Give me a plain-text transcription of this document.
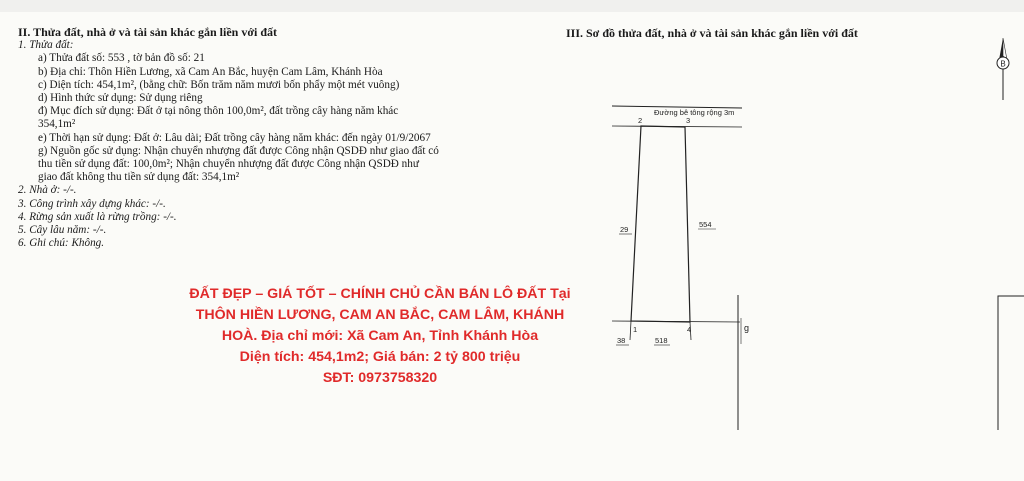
II. Thửa đất, nhà ở và tài sản khác gắn liền với đất
1. Thửa đất:
a) Thửa đất số: 553 , tờ bản đồ số: 21
b) Địa chỉ: Thôn Hiền Lương, xã Cam An Bắc, huyện Cam Lâm, Khánh Hòa
c) Diện tích: 454,1m², (bằng chữ: Bốn trăm năm mươi bốn phẩy một mét vuông)
d) Hình thức sử dụng: Sử dụng riêng
đ) Mục đích sử dụng: Đất ở tại nông thôn 100,0m², đất trồng cây hàng năm khác
354,1m²
e) Thời hạn sử dụng: Đất ở: Lâu dài; Đất trồng cây hàng năm khác: đến ngày 01/9/2067
g) Nguồn gốc sử dụng: Nhận chuyển nhượng đất được Công nhận QSDĐ như giao đất có
thu tiền sử dụng đất: 100,0m²; Nhận chuyển nhượng đất được Công nhận QSDĐ như
giao đất không thu tiền sử dụng đất: 354,1m²
2. Nhà ở: -/-.
3. Công trình xây dựng khác: -/-.
4. Rừng sản xuất là rừng trồng: -/-.
5. Cây lâu năm: -/-.
6. Ghi chú: Không.
III. Sơ đồ thửa đất, nhà ở và tài sản khác gắn liền với đất
B
Đường bê tông rộng 3m
2	3
1	4
29
554
38	518
g
ĐẤT ĐẸP – GIÁ TỐT – CHÍNH CHỦ CẦN BÁN LÔ ĐẤT Tại
THÔN HIỀN LƯƠNG, CAM AN BẮC, CAM LÂM, KHÁNH
HOÀ. Địa chỉ mới: Xã Cam An, Tỉnh Khánh Hòa
Diện tích: 454,1m2; Giá bán: 2 tỷ 800 triệu
SĐT: 0973758320
